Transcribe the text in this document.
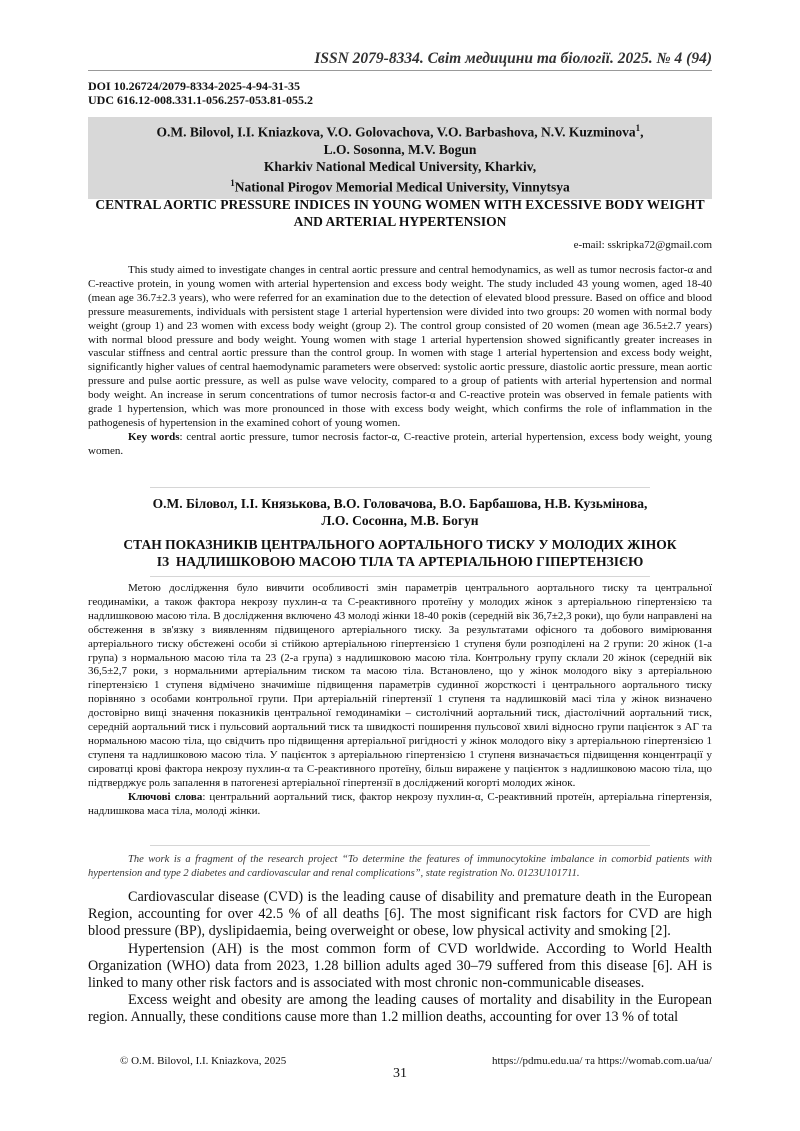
ISSN 2079-8334. Світ медицини та біології. 2025. № 4 (94)
DOI 10.26724/2079-8334-2025-4-94-31-35
UDC 616.12-008.331.1-056.257-053.81-055.2
O.M. Bilovol, I.I. Kniazkova, V.O. Golovachova, V.O. Barbashova, N.V. Kuzminova$^1$,
L.O. Sosonna, M.V. Bogun
Kharkiv National Medical University, Kharkiv,
$^1$National Pirogov Memorial Medical University, Vinnytsya
CENTRAL AORTIC PRESSURE INDICES IN YOUNG WOMEN WITH EXCESSIVE BODY WEIGHT AND ARTERIAL HYPERTENSION
e-mail: sskripka72@gmail.com

This study aimed to investigate changes in central aortic pressure and central hemodynamics, as well as tumor necrosis factor-α and C-reactive protein, in young women with arterial hypertension and excess body weight. The study included 43 young women, aged 18-40 (mean age 36.7±2.3 years), who were referred for an examination due to the detection of elevated blood pressure. Based on office and blood pressure measurements, individuals with persistent stage 1 arterial hypertension were divided into two groups: 20 women with normal body weight (group 1) and 23 women with excess body weight (group 2). The control group consisted of 20 women (mean age 36.5±2.7 years) with normal blood pressure and body weight. Young women with stage 1 arterial hypertension showed significantly greater increases in vascular stiffness and central aortic pressure than the control group. In women with stage 1 arterial hypertension and excess body weight, significantly higher values of central haemodynamic parameters were observed: systolic aortic pressure, diastolic aortic pressure, mean aortic pressure and pulse aortic pressure, as well as pulse wave velocity, compared to a group of patients with arterial hypertension and normal body weight. An increase in serum concentrations of tumor necrosis factor-α and C-reactive protein was observed in female patients with grade 1 hypertension, which was more pronounced in those with excess body weight, which confirms the role of inflammation in the pathogenesis of hypertension in the examined cohort of young women.

Key words: central aortic pressure, tumor necrosis factor-α, C-reactive protein, arterial hypertension, excess body weight, young women.

О.М. Біловол, І.І. Князькова, В.О. Головачова, В.О. Барбашова, Н.В. Кузьмінова,
Л.О. Сосонна, М.В. Богун
СТАН ПОКАЗНИКІВ ЦЕНТРАЛЬНОГО АОРТАЛЬНОГО ТИСКУ У МОЛОДИХ ЖІНОК
ІЗ  НАДЛИШКОВОЮ МАСОЮ ТІЛА ТА АРТЕРІАЛЬНОЮ ГІПЕРТЕНЗІЄЮ

Метою дослідження було вивчити особливості змін параметрів центрального аортального тиску та центральної геодинаміки, а також фактора некрозу пухлин-α та С-реактивного протеїну у молодих жінок з артеріальною гіпертензією та надлишковою масою тіла. В дослідження включено 43 молоді жінки 18-40 років (середній вік 36,7±2,3 роки), що були направлені на обстеження в зв'язку з виявленням підвищеного артеріального тиску. За результатами офісного та добового вимірювання артеріального тиску обстежені особи зі стійкою артеріальною гіпертензією 1 ступеня були розподілені на 2 групи: 20 жінок (1-а група) з нормальною масою тіла та 23 (2-а група) з надлишковою масою тіла. Контрольну групу склали 20 жінок (середній вік 36,5±2,7 роки, з нормальними артеріальним тиском та масою тіла. Встановлено, що у жінок молодого віку з артеріальною гіпертензією 1 ступеня відмічено значиміше підвищення параметрів судинної жорсткості і центрального аортального тиску порівняно з особами контрольної групи. При артеріальній гіпертензії 1 ступеня та надлишковій масі тіла у жінок визначено достовірно вищі значення показників центральної гемодинаміки – систолічний аортальний тиск, діастолічний аортальний тиск, середній аортальний тиск і пульсовий аортальний тиск та швидкості поширення пульсової хвилі відносно групи пацієнток з АГ та нормальною масою тіла, що свідчить про підвищення артеріальної ригідності у жінок молодого віку з артеріальною гіпертензією 1 ступеня та надлишковою масою тіла. У пацієнток з артеріальною гіпертензією 1 ступеня визначається підвищення концентрації у сироватці крові фактора некрозу пухлин-α та С-реактивного протеїну, більш виражене у пацієнток з надлишковою масою тіла, що підтверджує роль запалення в патогенезі артеріальної гіпертензії в досліджений когорті молодих жінок.

Ключові слова: центральний аортальний тиск, фактор некрозу пухлин-α, С-реактивний протеїн, артеріальна гіпертензія, надлишкова маса тіла, молоді жінки.

The work is a fragment of the research project “To determine the features of immunocytokine imbalance in comorbid patients with hypertension and type 2 diabetes and cardiovascular and renal complications”, state registration No. 0123U101711.

Cardiovascular disease (CVD) is the leading cause of disability and premature death in the European Region, accounting for over 42.5 % of all deaths [6]. The most significant risk factors for CVD are high blood pressure (BP), dyslipidaemia, being overweight or obese, low physical activity and smoking [2].

Hypertension (AH) is the most common form of CVD worldwide. According to World Health Organization (WHO) data from 2023, 1.28 billion adults aged 30–79 suffered from this disease [6]. AH is linked to many other risk factors and is associated with most chronic non-communicable diseases.

Excess weight and obesity are among the leading causes of mortality and disability in the European region. Annually, these conditions cause more than 1.2 million deaths, accounting for over 13 % of total

© O.M. Bilovol, I.I. Kniazkova, 2025	https://pdmu.edu.ua/ та https://womab.com.ua/ua/
31
